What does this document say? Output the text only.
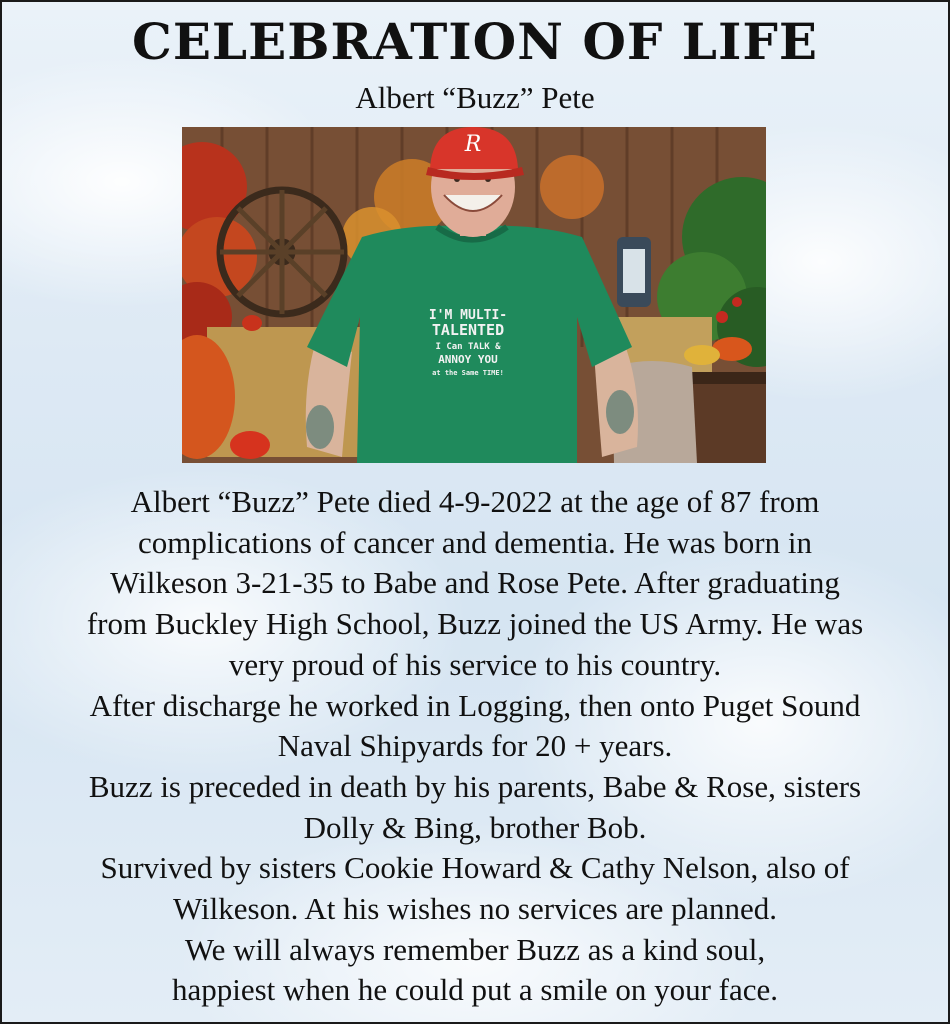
CELEBRATION OF LIFE
Albert “Buzz” Pete
R
I'M MULTI-
TALENTED
I Can TALK &
ANNOY YOU
at the Same TIME!

Albert “Buzz” Pete died 4-9-2022 at the age of 87 from

complications of cancer and dementia. He was born in

Wilkeson 3-21-35 to Babe and Rose Pete. After graduating

from Buckley High School, Buzz joined the US Army. He was

very proud of his service to his country.

After discharge he worked in Logging, then onto Puget Sound

Naval Shipyards for 20 + years.

Buzz is preceded in death by his parents, Babe & Rose, sisters

Dolly & Bing, brother Bob.

Survived by sisters Cookie Howard & Cathy Nelson, also of

Wilkeson. At his wishes no services are planned.

We will always remember Buzz as a kind soul,

happiest when he could put a smile on your face.
